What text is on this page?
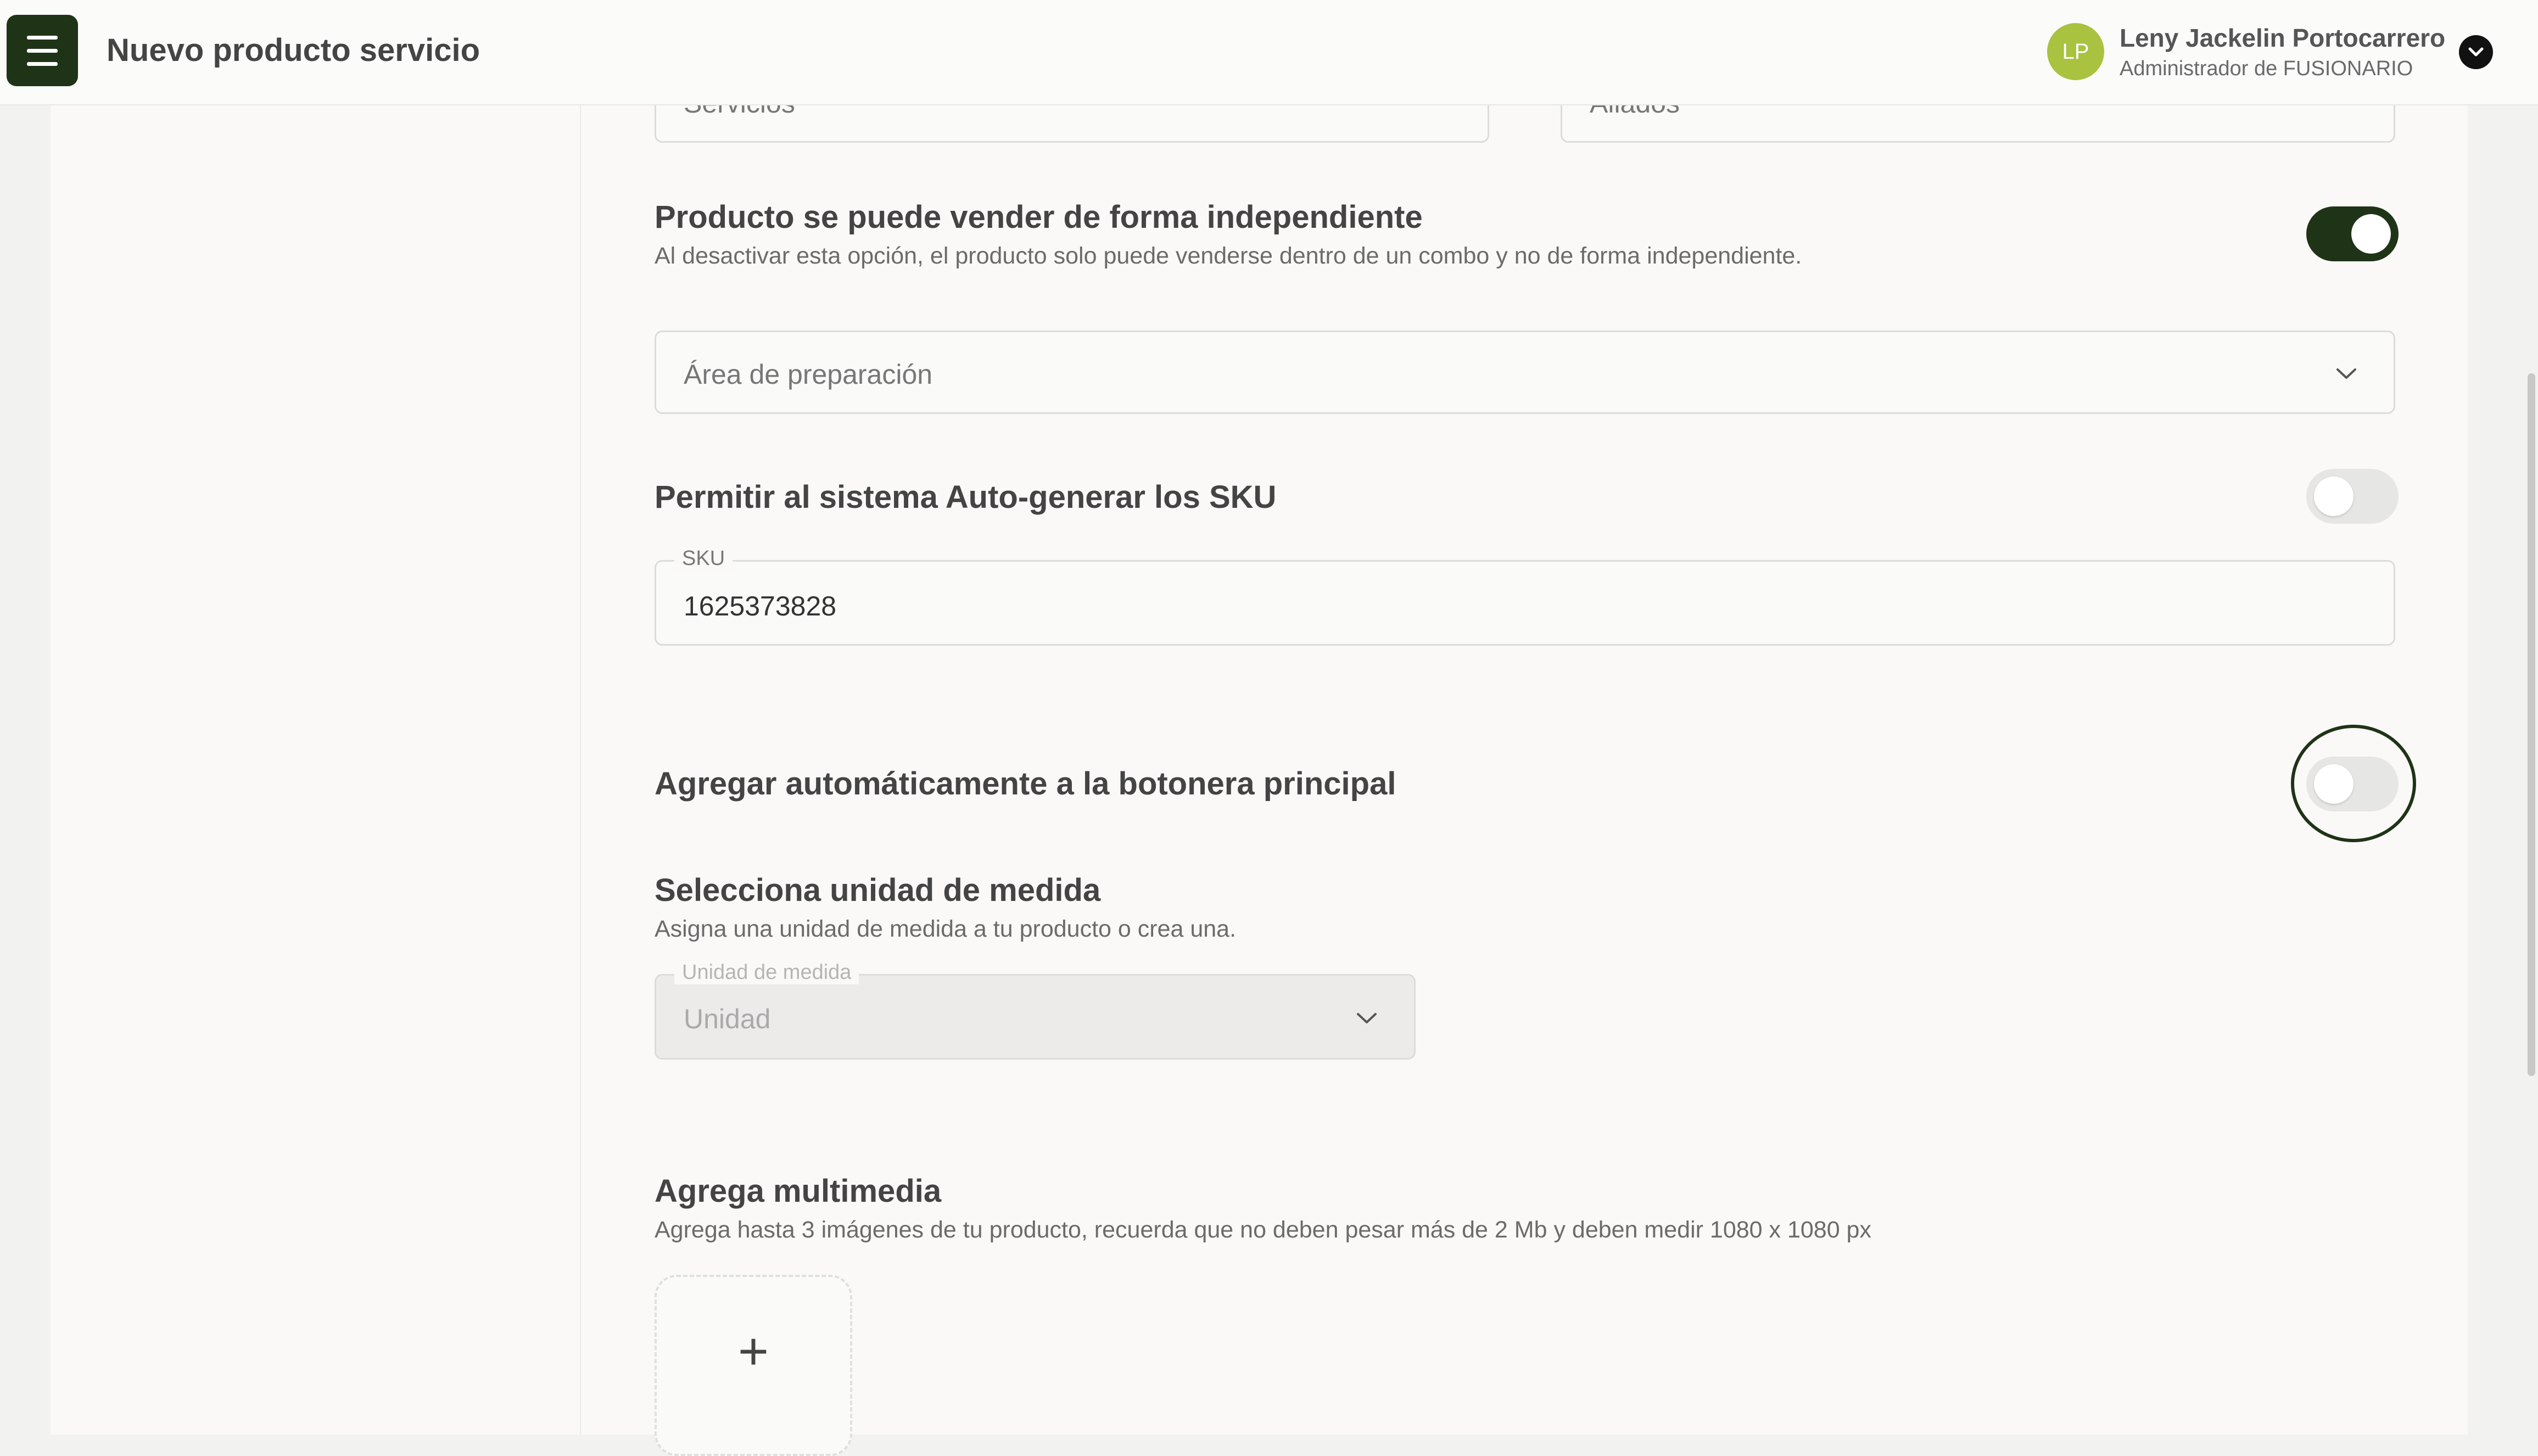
Nuevo producto servicio	LP	Leny Jackelin Portocarrero
Administrador de FUSIONARIO
Producto se puede vender de forma independiente
Al desactivar esta opción, el producto solo puede venderse dentro de un combo y no de forma independiente.
Área de preparación
Permitir al sistema Auto-generar los SKU
1625373828
SKU
Agregar automáticamente a la botonera principal
Selecciona unidad de medida
Asigna una unidad de medida a tu producto o crea una.
Unidad
Unidad de medida
Agrega multimedia
Agrega hasta 3 imágenes de tu producto, recuerda que no deben pesar más de 2 Mb y deben medir 1080 x 1080 px
+
